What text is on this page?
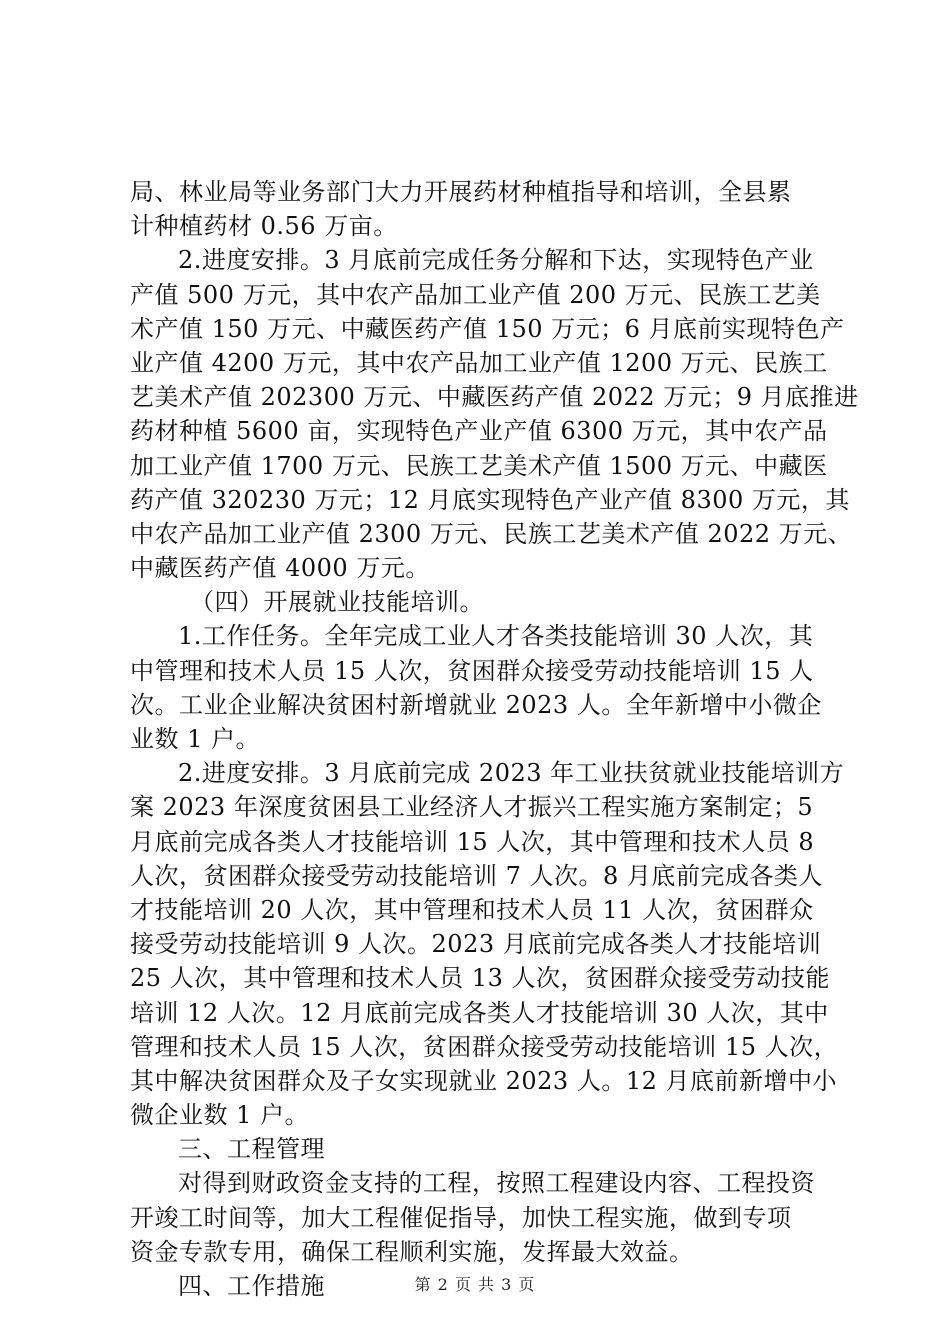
局、林业局等业务部门大力开展药材种植指导和培训，全县累
计种植药材 0.56 万亩。
2.进度安排。3 月底前完成任务分解和下达，实现特色产业
产值 500 万元，其中农产品加工业产值 200 万元、民族工艺美
术产值 150 万元、中藏医药产值 150 万元；6 月底前实现特色产
业产值 4200 万元，其中农产品加工业产值 1200 万元、民族工
艺美术产值 202300 万元、中藏医药产值 2022 万元；9 月底推进
药材种植 5600 亩，实现特色产业产值 6300 万元，其中农产品
加工业产值 1700 万元、民族工艺美术产值 1500 万元、中藏医
药产值 320230 万元；12 月底实现特色产业产值 8300 万元，其
中农产品加工业产值 2300 万元、民族工艺美术产值 2022 万元、
中藏医药产值 4000 万元。
（四）开展就业技能培训。
1.工作任务。全年完成工业人才各类技能培训 30 人次，其
中管理和技术人员 15 人次，贫困群众接受劳动技能培训 15 人
次。工业企业解决贫困村新增就业 2023 人。全年新增中小微企
业数 1 户。
2.进度安排。3 月底前完成 2023 年工业扶贫就业技能培训方
案 2023 年深度贫困县工业经济人才振兴工程实施方案制定；5
月底前完成各类人才技能培训 15 人次，其中管理和技术人员 8
人次，贫困群众接受劳动技能培训 7 人次。8 月底前完成各类人
才技能培训 20 人次，其中管理和技术人员 11 人次，贫困群众
接受劳动技能培训 9 人次。2023 月底前完成各类人才技能培训
25 人次，其中管理和技术人员 13 人次，贫困群众接受劳动技能
培训 12 人次。12 月底前完成各类人才技能培训 30 人次，其中
管理和技术人员 15 人次，贫困群众接受劳动技能培训 15 人次，
其中解决贫困群众及子女实现就业 2023 人。12 月底前新增中小
微企业数 1 户。
三、工程管理
对得到财政资金支持的工程，按照工程建设内容、工程投资
开竣工时间等，加大工程催促指导，加快工程实施，做到专项
资金专款专用，确保工程顺利实施，发挥最大效益。
四、工作措施	第 2 页 共 3 页
